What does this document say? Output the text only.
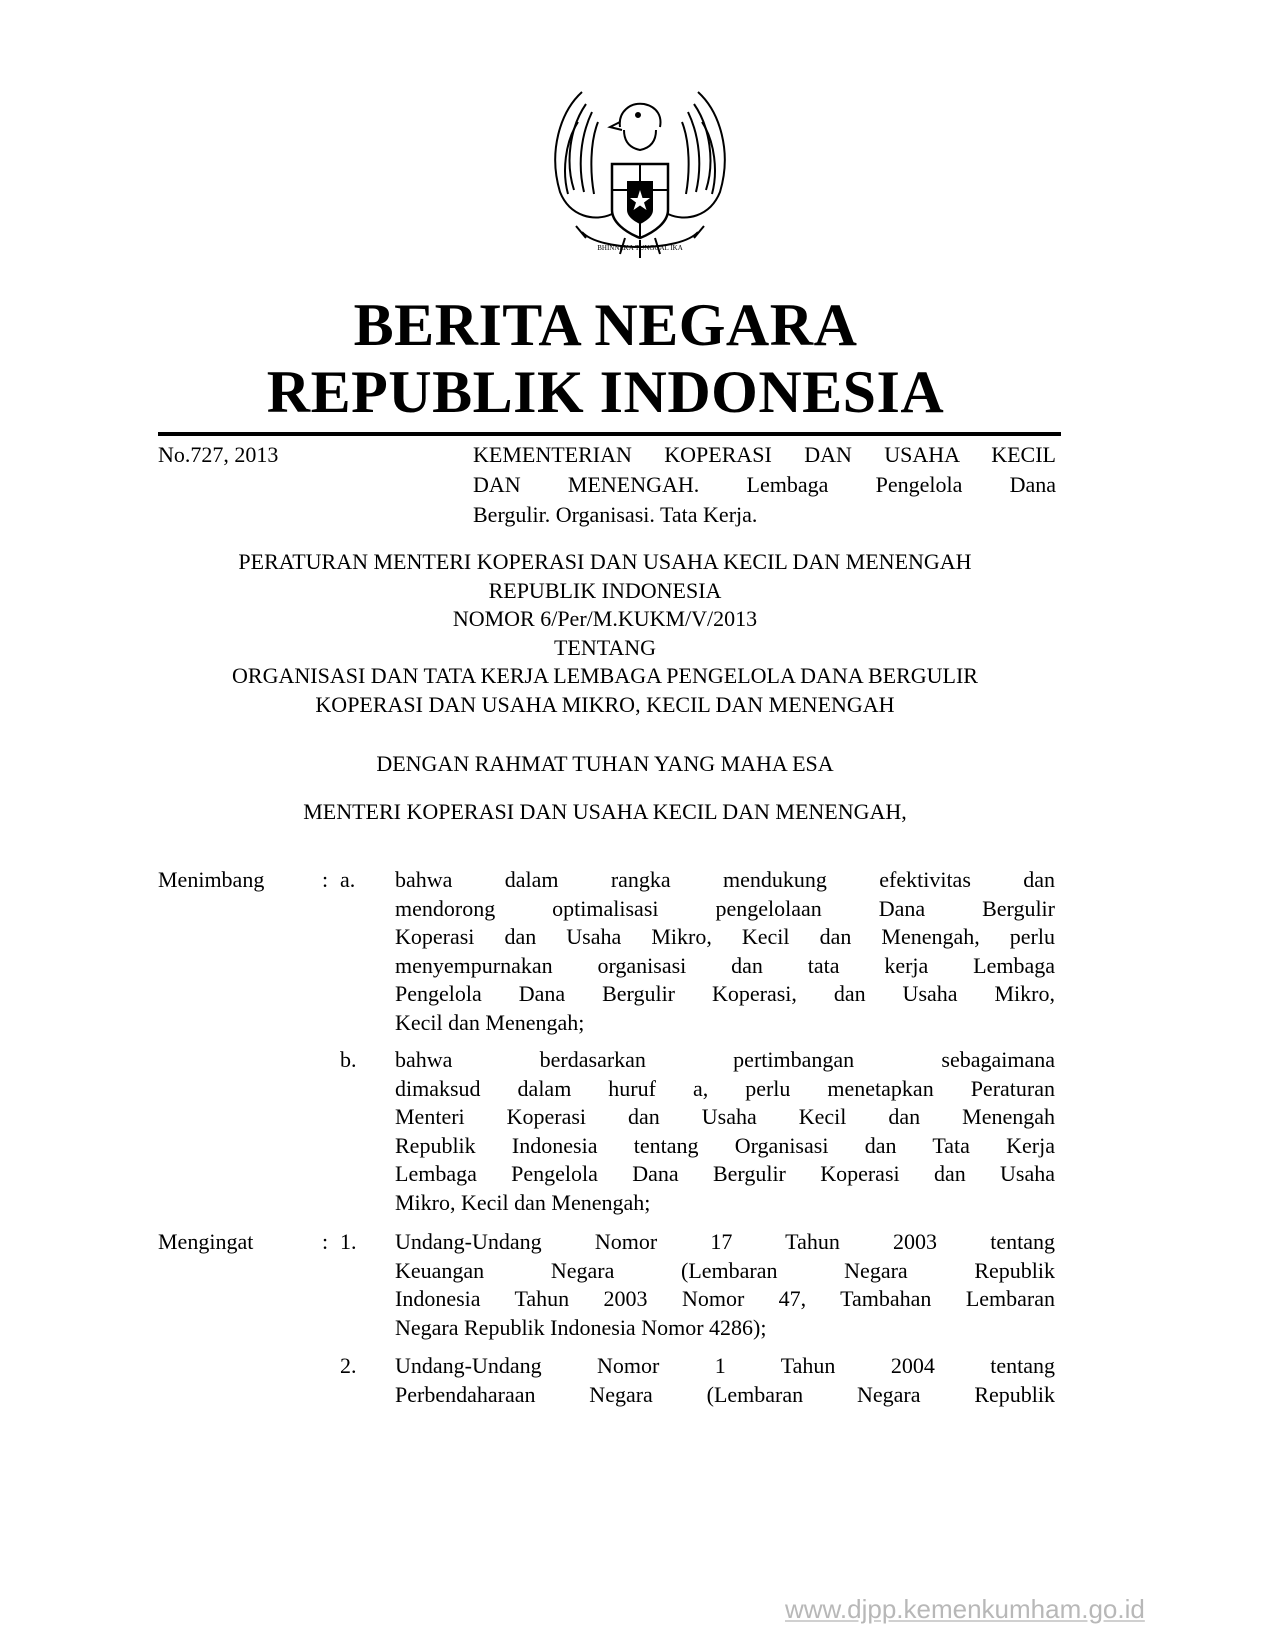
BHINNEKA TUNGGAL IKA
BERITA NEGARA
REPUBLIK INDONESIA
No.727, 2013	KEMENTERIAN KOPERASI DAN USAHA KECIL
DAN MENENGAH. Lembaga Pengelola Dana
Bergulir. Organisasi. Tata Kerja.
PERATURAN MENTERI KOPERASI DAN USAHA KECIL DAN MENENGAH
REPUBLIK INDONESIA
NOMOR 6/Per/M.KUKM/V/2013
TENTANG
ORGANISASI DAN TATA KERJA LEMBAGA PENGELOLA DANA BERGULIR
KOPERASI DAN USAHA MIKRO, KECIL DAN MENENGAH
DENGAN RAHMAT TUHAN YANG MAHA ESA
MENTERI KOPERASI DAN USAHA KECIL DAN MENENGAH,
Menimbang	: a. bahwa dalam rangka mendukung efektivitas dan
mendorong optimalisasi pengelolaan Dana Bergulir
Koperasi dan Usaha Mikro, Kecil dan Menengah, perlu
menyempurnakan organisasi dan tata kerja Lembaga
Pengelola Dana Bergulir Koperasi, dan Usaha Mikro,
Kecil dan Menengah;
b. bahwa berdasarkan pertimbangan sebagaimana
dimaksud dalam huruf a, perlu menetapkan Peraturan
Menteri Koperasi dan Usaha Kecil dan Menengah
Republik Indonesia tentang Organisasi dan Tata Kerja
Lembaga Pengelola Dana Bergulir Koperasi dan Usaha
Mikro, Kecil dan Menengah;
Mengingat	: 1. Undang-Undang Nomor 17 Tahun 2003 tentang
Keuangan Negara (Lembaran Negara Republik
Indonesia Tahun 2003 Nomor 47, Tambahan Lembaran
Negara Republik Indonesia Nomor 4286);
2. Undang-Undang Nomor 1 Tahun 2004 tentang
Perbendaharaan Negara (Lembaran Negara Republik
www.djpp.kemenkumham.go.id
